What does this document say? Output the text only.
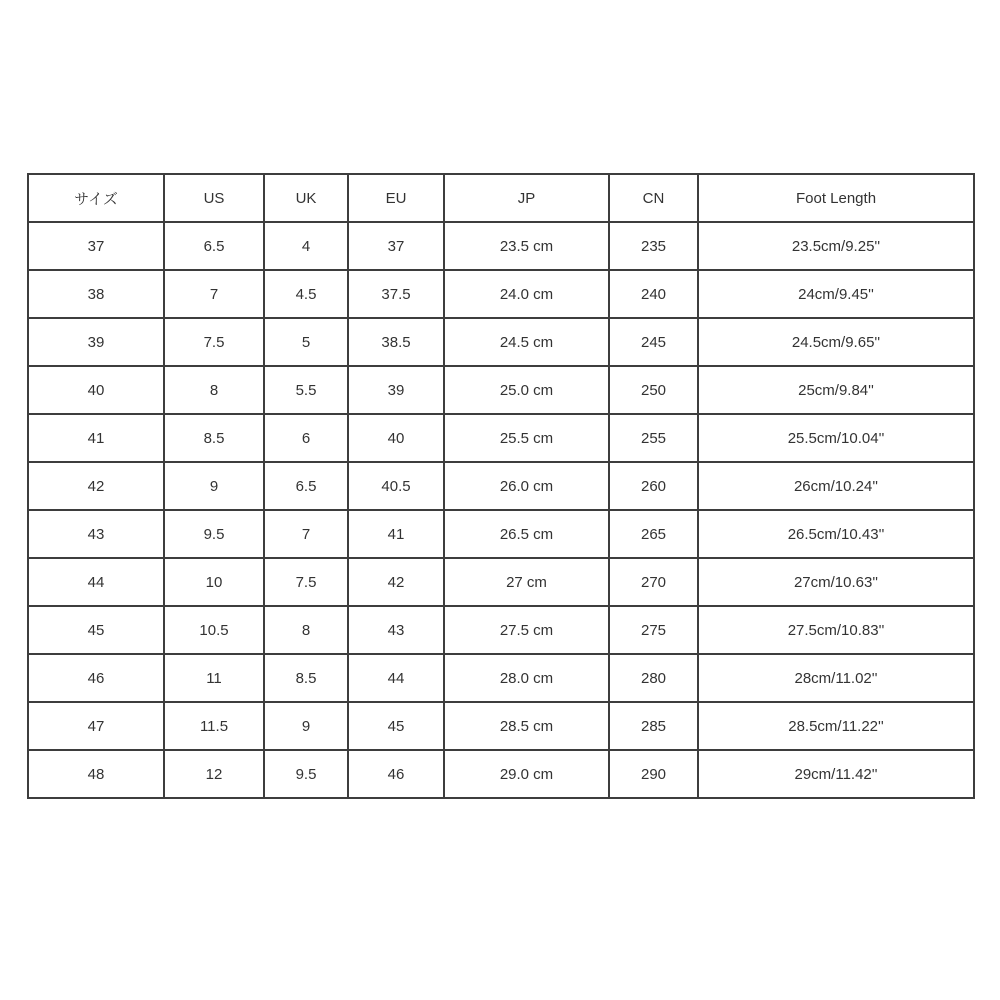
サイズ	US	UK	EU	JP	CN	Foot Length
37	6.5	4	37	23.5 cm	235	23.5cm/9.25''
38	7	4.5	37.5	24.0 cm	240	24cm/9.45''
39	7.5	5	38.5	24.5 cm	245	24.5cm/9.65''
40	8	5.5	39	25.0 cm	250	25cm/9.84''
41	8.5	6	40	25.5 cm	255	25.5cm/10.04''
42	9	6.5	40.5	26.0 cm	260	26cm/10.24''
43	9.5	7	41	26.5 cm	265	26.5cm/10.43''
44	10	7.5	42	27 cm	270	27cm/10.63''
45	10.5	8	43	27.5 cm	275	27.5cm/10.83''
46	11	8.5	44	28.0 cm	280	28cm/11.02''
47	11.5	9	45	28.5 cm	285	28.5cm/11.22''
48	12	9.5	46	29.0 cm	290	29cm/11.42''
